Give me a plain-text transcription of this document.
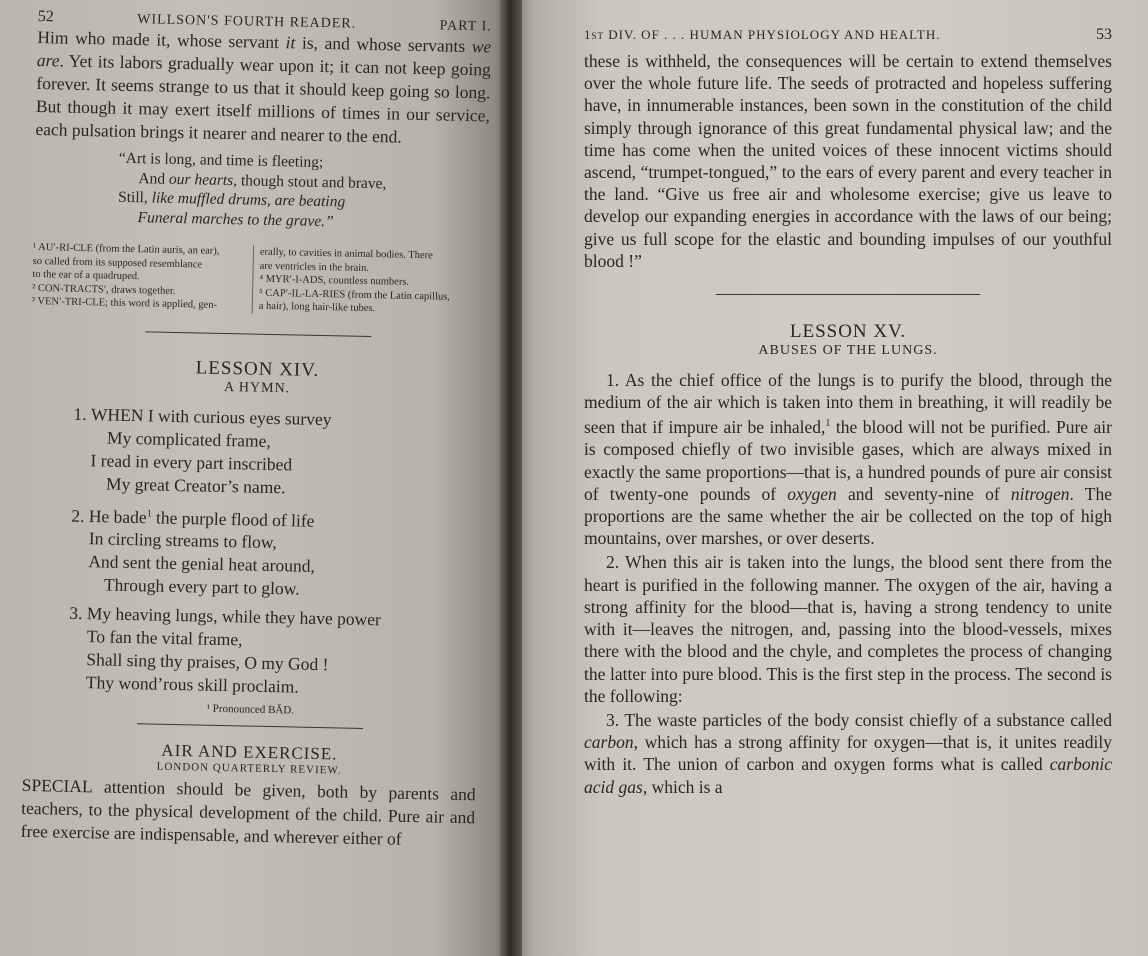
52	WILLSON'S FOURTH READER.	PART I.

Him who made it, whose servant it is, and whose servants we are. Yet its labors gradually wear upon it; it can not keep going forever. It seems strange to us that it should keep going so long. But though it may exert itself millions of times in our service, each pulsation brings it nearer and nearer to the end.

“Art is long, and time is fleeting;
And our hearts, though stout and brave,
Still, like muffled drums, are beating
Funeral marches to the grave.”
¹ AU′-RI-CLE (from the Latin auris, an ear),
so called from its supposed resemblance
to the ear of a quadruped.
² CON-TRACTS′, draws together.
³ VEN′-TRI-CLE; this word is applied, gen-
erally, to cavities in animal bodies. There
are ventricles in the brain.
⁴ MYR′-I-ADS, countless numbers.
⁵ CAP′-IL-LA-RIES (from the Latin capillus,
a hair), long hair-like tubes.
LESSON XIV.
A HYMN.
1. WHEN I with curious eyes survey
My complicated frame,
I read in every part inscribed
My great Creator’s name.
2. He bade$^1$ the purple flood of life
In circling streams to flow,
And sent the genial heat around,
Through every part to glow.
3. My heaving lungs, while they have power
To fan the vital frame,
Shall sing thy praises, O my God !
Thy wond’rous skill proclaim.
¹ Pronounced BĂD.
AIR AND EXERCISE.
LONDON QUARTERLY REVIEW.

SPECIAL attention should be given, both by parents and teachers, to the physical development of the child. Pure air and free exercise are indispensable, and wherever either of

1st DIV. OF . . . HUMAN PHYSIOLOGY AND HEALTH.	53

these is withheld, the consequences will be certain to extend themselves over the whole future life. The seeds of protracted and hopeless suffering have, in innumerable instances, been sown in the constitution of the child simply through ignorance of this great fundamental physical law; and the time has come when the united voices of these innocent victims should ascend, “trumpet-tongued,” to the ears of every parent and every teacher in the land. “Give us free air and wholesome exercise; give us leave to develop our expanding energies in accordance with the laws of our being; give us full scope for the elastic and bounding impulses of our youthful blood !”

LESSON XV.
ABUSES OF THE LUNGS.

1. As the chief office of the lungs is to purify the blood, through the medium of the air which is taken into them in breathing, it will readily be seen that if impure air be inhaled,$^1$ the blood will not be purified. Pure air is composed chiefly of two invisible gases, which are always mixed in exactly the same proportions—that is, a hundred pounds of pure air consist of twenty-one pounds of oxygen and seventy-nine of nitrogen. The proportions are the same whether the air be collected on the top of high mountains, over marshes, or over deserts.

2. When this air is taken into the lungs, the blood sent there from the heart is purified in the following manner. The oxygen of the air, having a strong affinity for the blood—that is, having a strong tendency to unite with it—leaves the nitrogen, and, passing into the blood-vessels, mixes there with the blood and the chyle, and completes the process of changing the latter into pure blood. This is the first step in the process. The second is the following:

3. The waste particles of the body consist chiefly of a substance called carbon, which has a strong affinity for oxygen—that is, it unites readily with it. The union of carbon and oxygen forms what is called carbonic acid gas, which is a
